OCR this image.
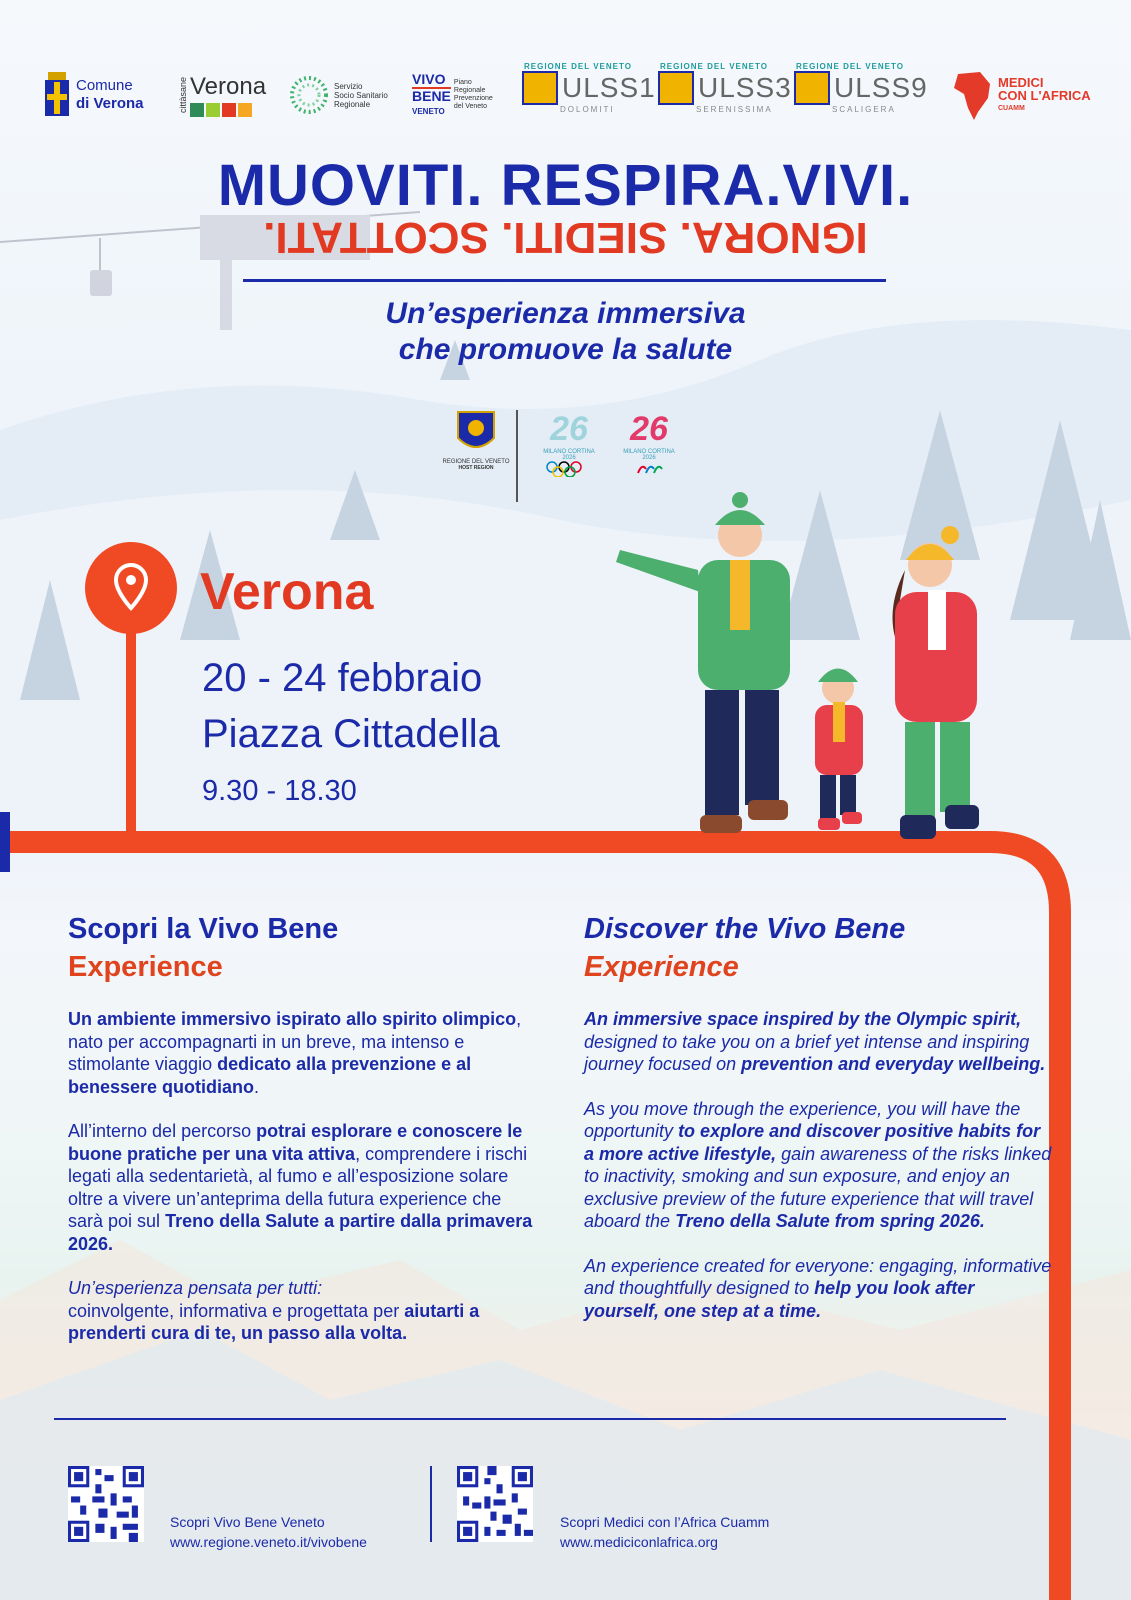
Comune
di Verona	cittàsane Verona	Servizio
Socio Sanitario
Regionale
VIVO
BENE
VENETO
Piano
Regionale
Prevenzione
del Veneto
REGIONE DEL VENETO
ULSS1
DOLOMITI
REGIONE DEL VENETO
ULSS3
SERENISSIMA
REGIONE DEL VENETO
ULSS9
SCALIGERA
MEDICI
CON L'AFRICA
CUAMM
MUOVITI. RESPIRA.VIVI.
IGNORA. SIEDITI. SCOTTATI.
Un’esperienza immersiva
che promuove la salute
REGIONE DEL VENETO
HOST REGION
26
MILANO CORTINA 2026
26
MILANO CORTINA 2026
Verona
20 - 24 febbraio
Piazza Cittadella
9.30 - 18.30
Scopri la Vivo Bene
Experience

Un ambiente immersivo ispirato allo spirito olimpico, nato per accompagnarti in un breve, ma intenso e stimolante viaggio dedicato alla prevenzione e al benessere quotidiano.

All’interno del percorso potrai esplorare e conoscere le buone pratiche per una vita attiva, comprendere i rischi legati alla sedentarietà, al fumo e all’esposizione solare oltre a vivere un’anteprima della futura experience che sarà poi sul Treno della Salute a partire dalla primavera 2026.

Un’esperienza pensata per tutti:
coinvolgente, informativa e progettata per aiutarti a prenderti cura di te, un passo alla volta.

Discover the Vivo Bene
Experience

An immersive space inspired by the Olympic spirit, designed to take you on a brief yet intense and inspiring journey focused on prevention and everyday wellbeing.

As you move through the experience, you will have the opportunity to explore and discover positive habits for a more active lifestyle, gain awareness of the risks linked to inactivity, smoking and sun exposure, and enjoy an exclusive preview of the future experience that will travel aboard the Treno della Salute from spring 2026.

An experience created for everyone: engaging, informative and thoughtfully designed to help you look after yourself, one step at a time.

Scopri Vivo Bene Veneto
www.regione.veneto.it/vivobene
Scopri Medici con l’Africa Cuamm
www.mediciconlafrica.org
